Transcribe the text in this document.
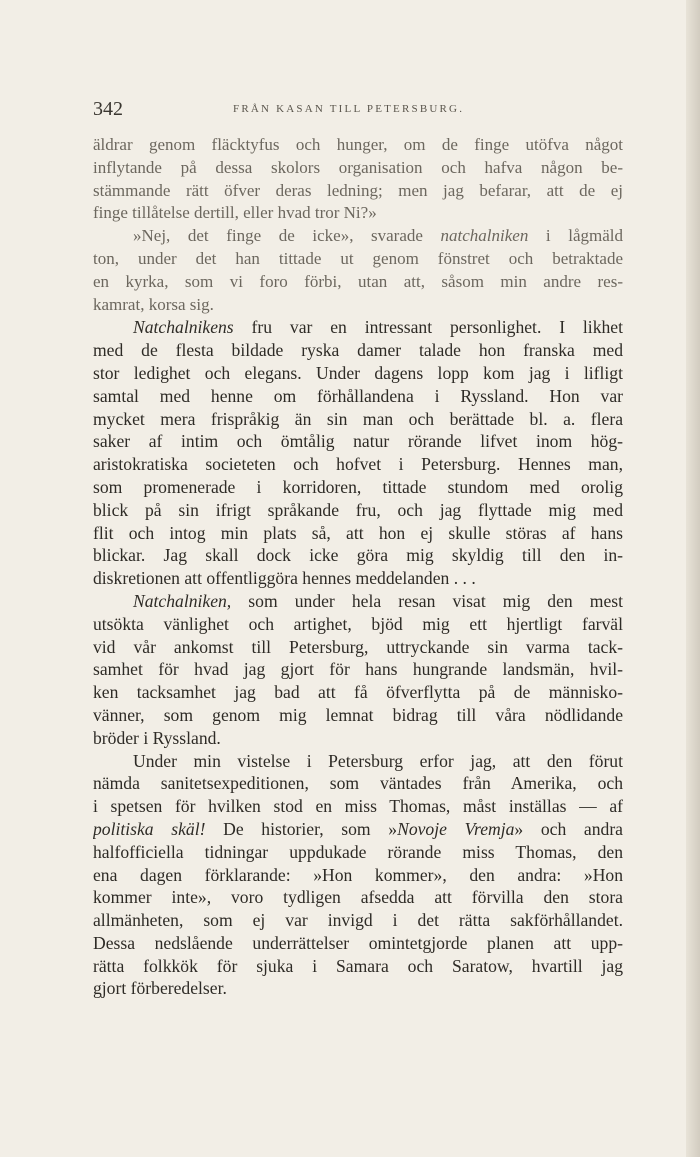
342	FRÅN KASAN TILL PETERSBURG.
äldrar genom fläcktyfus och hunger, om de finge utöfva något
inflytande på dessa skolors organisation och hafva någon be-
stämmande rätt öfver deras ledning; men jag befarar, att de ej
finge tillåtelse dertill, eller hvad tror Ni?»
»Nej, det finge de icke», svarade natchalniken i lågmäld
ton, under det han tittade ut genom fönstret och betraktade
en kyrka, som vi foro förbi, utan att, såsom min andre res-
kamrat, korsa sig.
Natchalnikens fru var en intressant personlighet. I likhet
med de flesta bildade ryska damer talade hon franska med
stor ledighet och elegans. Under dagens lopp kom jag i lifligt
samtal med henne om förhållandena i Ryssland. Hon var
mycket mera frispråkig än sin man och berättade bl. a. flera
saker af intim och ömtålig natur rörande lifvet inom hög-
aristokratiska societeten och hofvet i Petersburg. Hennes man,
som promenerade i korridoren, tittade stundom med orolig
blick på sin ifrigt språkande fru, och jag flyttade mig med
flit och intog min plats så, att hon ej skulle störas af hans
blickar. Jag skall dock icke göra mig skyldig till den in-
diskretionen att offentliggöra hennes meddelanden . . .
Natchalniken, som under hela resan visat mig den mest
utsökta vänlighet och artighet, bjöd mig ett hjertligt farväl
vid vår ankomst till Petersburg, uttryckande sin varma tack-
samhet för hvad jag gjort för hans hungrande landsmän, hvil-
ken tacksamhet jag bad att få öfverflytta på de människo-
vänner, som genom mig lemnat bidrag till våra nödlidande
bröder i Ryssland.
Under min vistelse i Petersburg erfor jag, att den förut
nämda sanitetsexpeditionen, som väntades från Amerika, och
i spetsen för hvilken stod en miss Thomas, måst inställas — af
politiska skäl! De historier, som »Novoje Vremja» och andra
halfofficiella tidningar uppdukade rörande miss Thomas, den
ena dagen förklarande: »Hon kommer», den andra: »Hon
kommer inte», voro tydligen afsedda att förvilla den stora
allmänheten, som ej var invigd i det rätta sakförhållandet.
Dessa nedslående underrättelser omintetgjorde planen att upp-
rätta folkkök för sjuka i Samara och Saratow, hvartill jag
gjort förberedelser.
